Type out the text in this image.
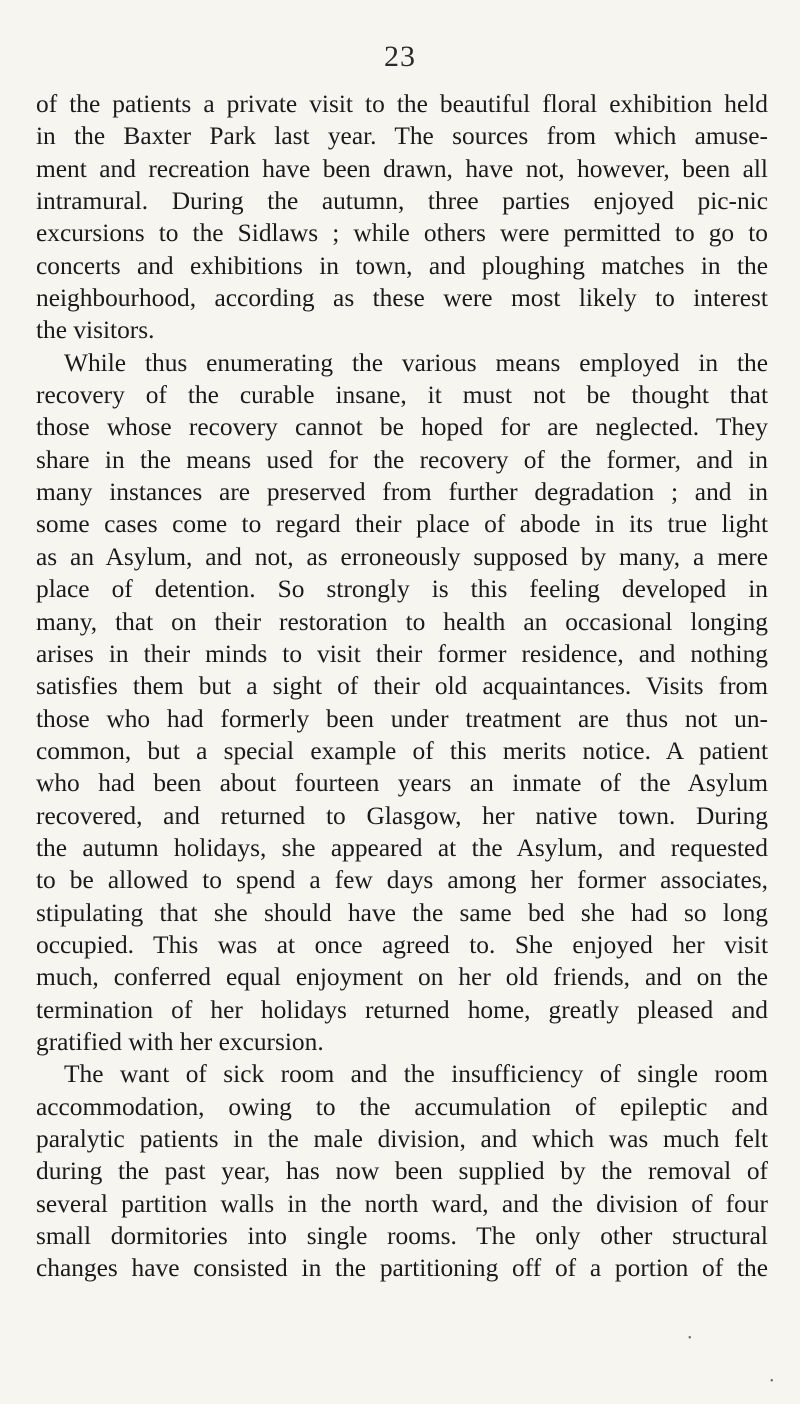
23
of the patients a private visit to the beautiful floral exhibition held
in the Baxter Park last year. The sources from which amuse-
ment and recreation have been drawn, have not, however, been all
intramural. During the autumn, three parties enjoyed pic-nic
excursions to the Sidlaws ; while others were permitted to go to
concerts and exhibitions in town, and ploughing matches in the
neighbourhood, according as these were most likely to interest
the visitors.
While thus enumerating the various means employed in the
recovery of the curable insane, it must not be thought that
those whose recovery cannot be hoped for are neglected. They
share in the means used for the recovery of the former, and in
many instances are preserved from further degradation ; and in
some cases come to regard their place of abode in its true light
as an Asylum, and not, as erroneously supposed by many, a mere
place of detention. So strongly is this feeling developed in
many, that on their restoration to health an occasional longing
arises in their minds to visit their former residence, and nothing
satisfies them but a sight of their old acquaintances. Visits from
those who had formerly been under treatment are thus not un-
common, but a special example of this merits notice. A patient
who had been about fourteen years an inmate of the Asylum
recovered, and returned to Glasgow, her native town. During
the autumn holidays, she appeared at the Asylum, and requested
to be allowed to spend a few days among her former associates,
stipulating that she should have the same bed she had so long
occupied. This was at once agreed to. She enjoyed her visit
much, conferred equal enjoyment on her old friends, and on the
termination of her holidays returned home, greatly pleased and
gratified with her excursion.
The want of sick room and the insufficiency of single room
accommodation, owing to the accumulation of epileptic and
paralytic patients in the male division, and which was much felt
during the past year, has now been supplied by the removal of
several partition walls in the north ward, and the division of four
small dormitories into single rooms. The only other structural
changes have consisted in the partitioning off of a portion of the
•
•
